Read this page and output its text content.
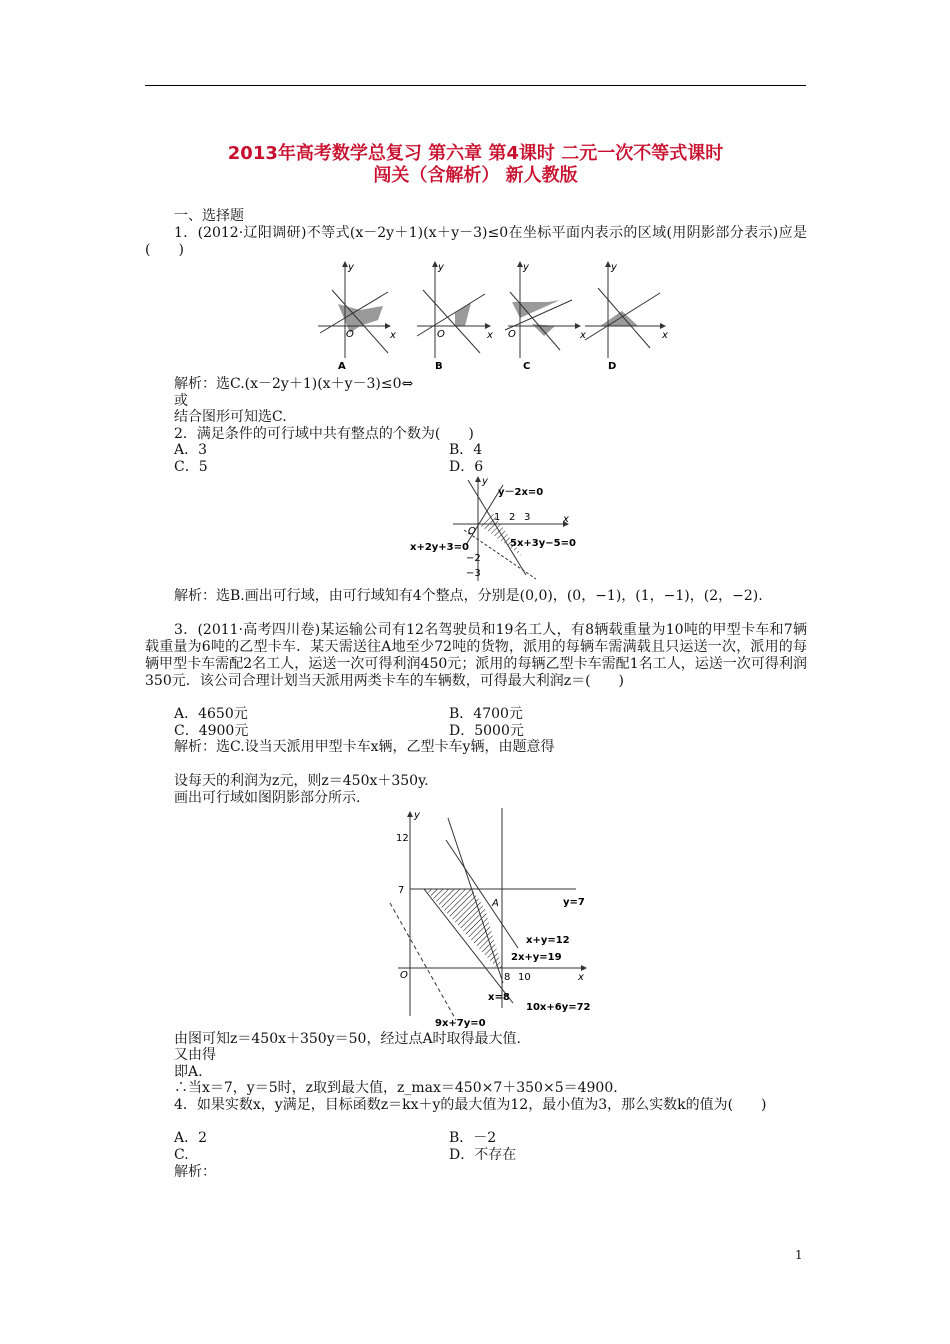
2013年高考数学总复习 第六章 第4课时 二元一次不等式课时
闯关（含解析） 新人教版
一、选择题
1．(2012·辽阳调研)不等式(x－2y＋1)(x＋y－3)≤0在坐标平面内表示的区域(用阴影部分表示)应是(　　)
y
x
O
A
y
x
O
B
y
x
O
C
y
x
D
解析：选C.(x－2y＋1)(x＋y－3)≤0⇔
或
结合图形可知选C.
2．满足条件的可行域中共有整点的个数为(　　)
A．3	B．4
C．5	D．6
y
x
O
y－2x=0
5x+3y−5=0
x+2y+3=0
1 2 3
−2
−3
解析：选B.画出可行域，由可行域知有4个整点，分别是(0,0)，(0，−1)，(1，−1)，(2，−2).
3．(2011·高考四川卷)某运输公司有12名驾驶员和19名工人，有8辆载重量为10吨的甲型卡车和7辆载重量为6吨的乙型卡车．某天需送往A地至少72吨的货物，派用的每辆车需满载且只运送一次，派用的每辆甲型卡车需配2名工人，运送一次可得利润450元；派用的每辆乙型卡车需配1名工人，运送一次可得利润350元．该公司合理计划当天派用两类卡车的车辆数，可得最大利润z＝(　　)
A．4650元	B．4700元
C．4900元	D．5000元
解析：选C.设当天派用甲型卡车x辆，乙型卡车y辆，由题意得
设每天的利润为z元，则z＝450x＋350y.
画出可行域如图阴影部分所示.
y
x
O
12
7
8 10
A	y=7
x+y=12
2x+y=19
x=8
10x+6y=72
9x+7y=0
由图可知z＝450x＋350y＝50，经过点A时取得最大值.
又由得
即A.
∴当x＝7，y＝5时，z取到最大值，z_max＝450×7＋350×5＝4900.
4．如果实数x，y满足，目标函数z＝kx＋y的最大值为12，最小值为3，那么实数k的值为(　　)
A．2	B．－2
C.	D．不存在
解析：
1
